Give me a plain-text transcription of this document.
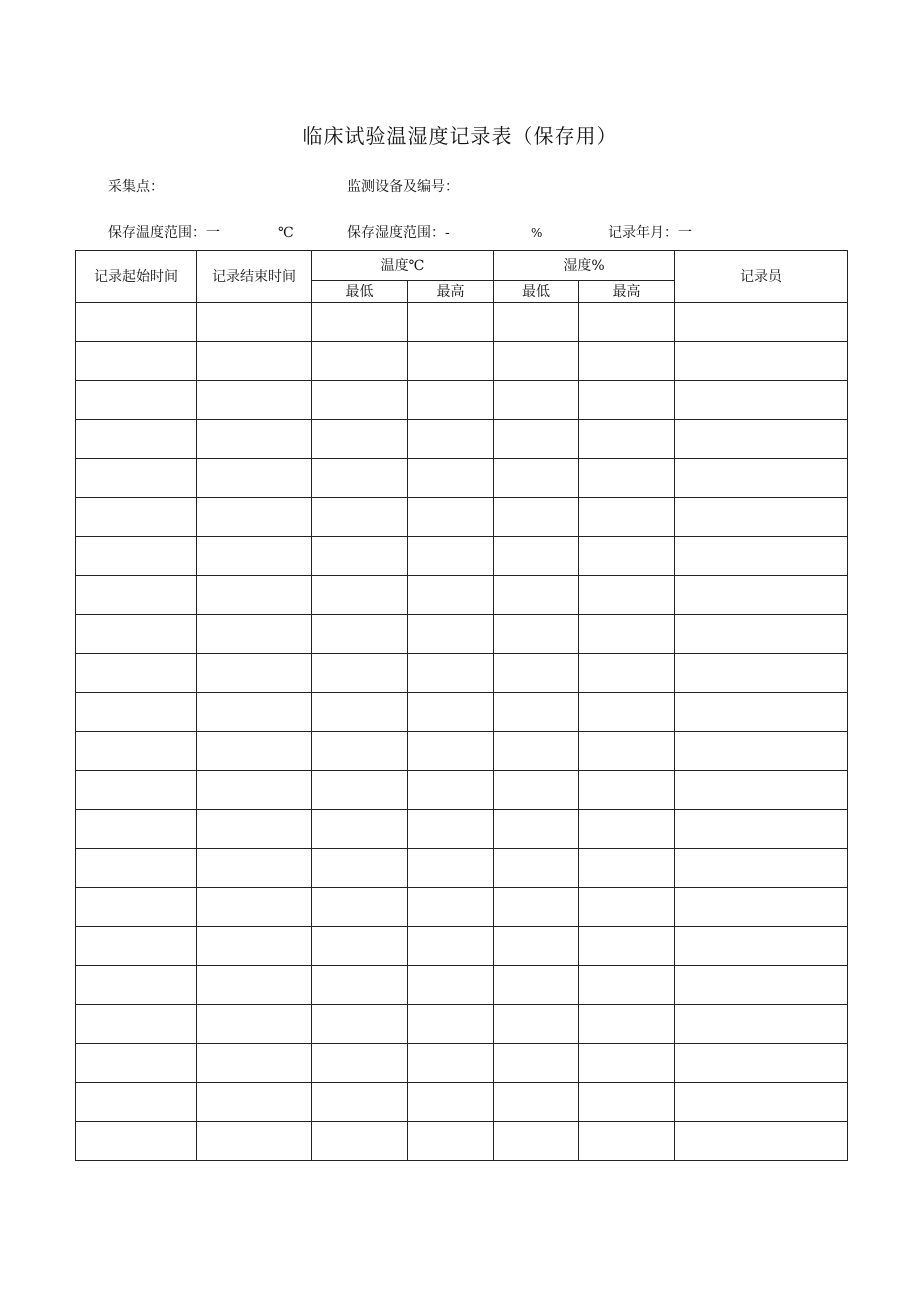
临床试验温湿度记录表（保存用）
采集点：	监测设备及编号：
保存温度范围：一	℃	保存湿度范围：-	%	记录年月：一
记录起始时间	记录结束时间	温度℃		湿度%		记录员
		最低	最高	最低	最高	
